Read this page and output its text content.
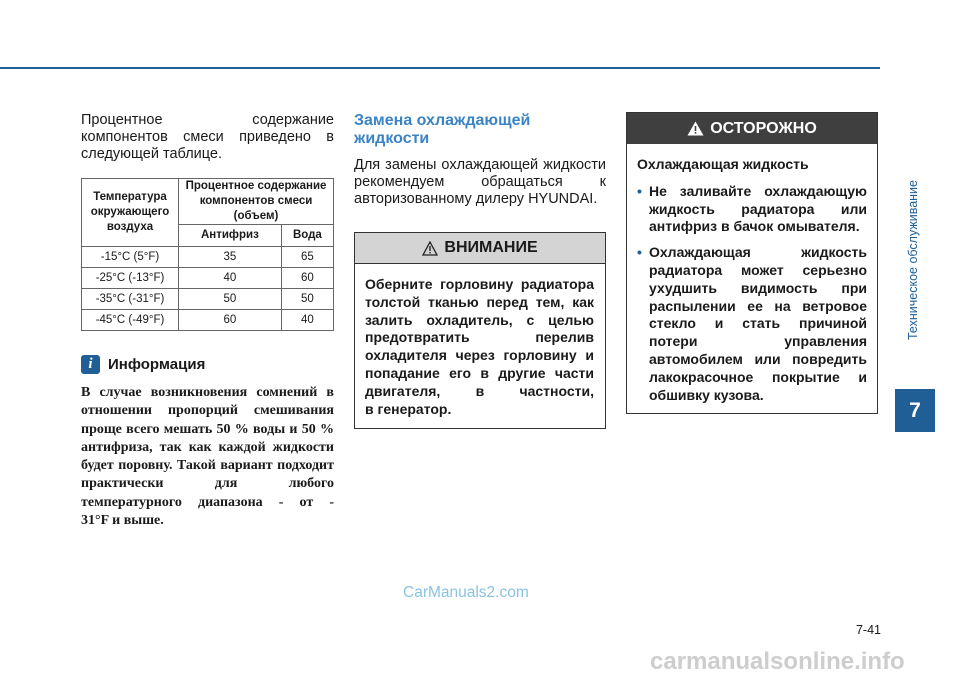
Процентное содержание компонентов смеси приведено в следующей таблице.

Температура окружающего воздуха	Процентное содержание компонентов смеси (объем)	
	Антифриз	Вода
-15°C (5°F)	35	65
-25°C (-13°F)	40	60
-35°C (-31°F)	50	50
-45°C (-49°F)	60	40
i	Информация

В случае возникновения сомнений в отношении пропорций смешивания проще всего мешать 50 % воды и 50 % антифриза, так как каждой жидкости будет поровну. Такой вариант подходит практически для любого температурного диапазона - от -
31°F и выше.

Замена охлаждающей жидкости

Для замены охлаждающей жидкости рекомендуем обращаться к авторизованному дилеру HYUNDAI.

ВНИМАНИЕ
Оберните горловину радиатора толстой тканью перед тем, как залить охладитель, с целью предотвратить перелив охладителя через горловину и попадание его в другие части двигателя, в частности,
в генератор.
ОСТОРОЖНО
Охлаждающая жидкость
• Не заливайте охлаждающую жидкость радиатора или
антифриз в бачок омывателя.
• Охлаждающая жидкость радиатора может серьезно ухудшить видимость при распылении ее на ветровое стекло и стать причиной потери управления автомобилем или повредить лакокрасочное покрытие и
обшивку кузова.
Техническое обслуживание
7
7-41
CarManuals2.com
carmanualsonline.info
